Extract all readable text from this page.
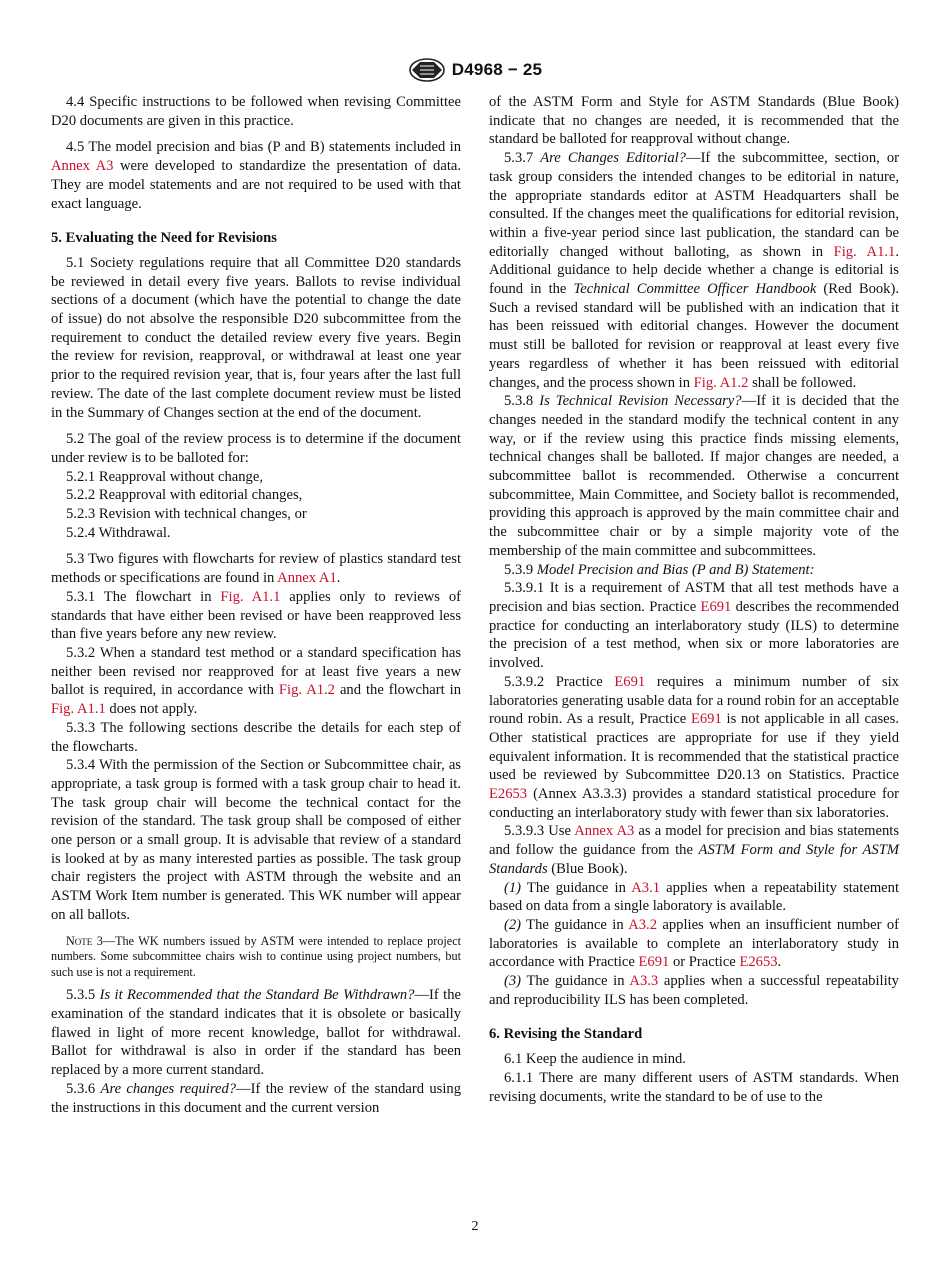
D4968 − 25

4.4 Specific instructions to be followed when revising Committee D20 documents are given in this practice.

4.5 The model precision and bias (P and B) statements included in Annex A3 were developed to standardize the presentation of data. They are model statements and are not required to be used with that exact language.

5. Evaluating the Need for Revisions

5.1 Society regulations require that all Committee D20 standards be reviewed in detail every five years. Ballots to revise individual sections of a document (which have the potential to change the date of issue) do not absolve the responsible D20 subcommittee from the requirement to conduct the detailed review every five years. Begin the review for revision, reapproval, or withdrawal at least one year prior to the required revision year, that is, four years after the last full review. The date of the last complete document review must be listed in the Summary of Changes section at the end of the document.

5.2 The goal of the review process is to determine if the document under review is to be balloted for:

5.2.1 Reapproval without change,

5.2.2 Reapproval with editorial changes,

5.2.3 Revision with technical changes, or

5.2.4 Withdrawal.

5.3 Two figures with flowcharts for review of plastics standard test methods or specifications are found in Annex A1.

5.3.1 The flowchart in Fig. A1.1 applies only to reviews of standards that have either been revised or have been reapproved less than five years before any new review.

5.3.2 When a standard test method or a standard specification has neither been revised nor reapproved for at least five years a new ballot is required, in accordance with Fig. A1.2 and the flowchart in Fig. A1.1 does not apply.

5.3.3 The following sections describe the details for each step of the flowcharts.

5.3.4 With the permission of the Section or Subcommittee chair, as appropriate, a task group is formed with a task group chair to head it. The task group chair will become the technical contact for the revision of the standard. The task group shall be composed of either one person or a small group. It is advisable that review of a standard is looked at by as many interested parties as possible. The task group chair registers the project with ASTM through the website and an ASTM Work Item number is generated. This WK number will appear on all ballots.

Note 3—The WK numbers issued by ASTM were intended to replace project numbers. Some subcommittee chairs wish to continue using project numbers, but such use is not a requirement.

5.3.5 Is it Recommended that the Standard Be Withdrawn?—If the examination of the standard indicates that it is obsolete or basically flawed in light of more recent knowledge, ballot for withdrawal. Ballot for withdrawal is also in order if the standard has been replaced by a more current standard.

5.3.6 Are changes required?—If the review of the standard using the instructions in this document and the current version

of the ASTM Form and Style for ASTM Standards (Blue Book) indicate that no changes are needed, it is recommended that the standard be balloted for reapproval without change.

5.3.7 Are Changes Editorial?—If the subcommittee, section, or task group considers the intended changes to be editorial in nature, the appropriate standards editor at ASTM Headquarters shall be consulted. If the changes meet the qualifications for editorial revision, within a five-year period since last publication, the standard can be editorially changed without balloting, as shown in Fig. A1.1. Additional guidance to help decide whether a change is editorial is found in the Technical Committee Officer Handbook (Red Book). Such a revised standard will be published with an indication that it has been reissued with editorial changes. However the document must still be balloted for revision or reapproval at least every five years regardless of whether it has been reissued with editorial changes, and the process shown in Fig. A1.2 shall be followed.

5.3.8 Is Technical Revision Necessary?—If it is decided that the changes needed in the standard modify the technical content in any way, or if the review using this practice finds missing elements, technical changes shall be balloted. If major changes are needed, a subcommittee ballot is recommended. Otherwise a concurrent subcommittee, Main Committee, and Society ballot is recommended, providing this approach is approved by the main committee chair and the subcommittee chair or by a simple majority vote of the membership of the main committee and subcommittees.

5.3.9 Model Precision and Bias (P and B) Statement:

5.3.9.1 It is a requirement of ASTM that all test methods have a precision and bias section. Practice E691 describes the recommended practice for conducting an interlaboratory study (ILS) to determine the precision of a test method, when six or more laboratories are involved.

5.3.9.2 Practice E691 requires a minimum number of six laboratories generating usable data for a round robin for an acceptable round robin. As a result, Practice E691 is not applicable in all cases. Other statistical practices are appropriate for use if they yield equivalent information. It is recommended that the statistical practice used be reviewed by Subcommittee D20.13 on Statistics. Practice E2653 (Annex A3.3.3) provides a standard statistical procedure for conducting an interlaboratory study with fewer than six laboratories.

5.3.9.3 Use Annex A3 as a model for precision and bias statements and follow the guidance from the ASTM Form and Style for ASTM Standards (Blue Book).

(1) The guidance in A3.1 applies when a repeatability statement based on data from a single laboratory is available.

(2) The guidance in A3.2 applies when an insufficient number of laboratories is available to complete an interlaboratory study in accordance with Practice E691 or Practice E2653.

(3) The guidance in A3.3 applies when a successful repeatability and reproducibility ILS has been completed.

6. Revising the Standard

6.1 Keep the audience in mind.

6.1.1 There are many different users of ASTM standards. When revising documents, write the standard to be of use to the

2
